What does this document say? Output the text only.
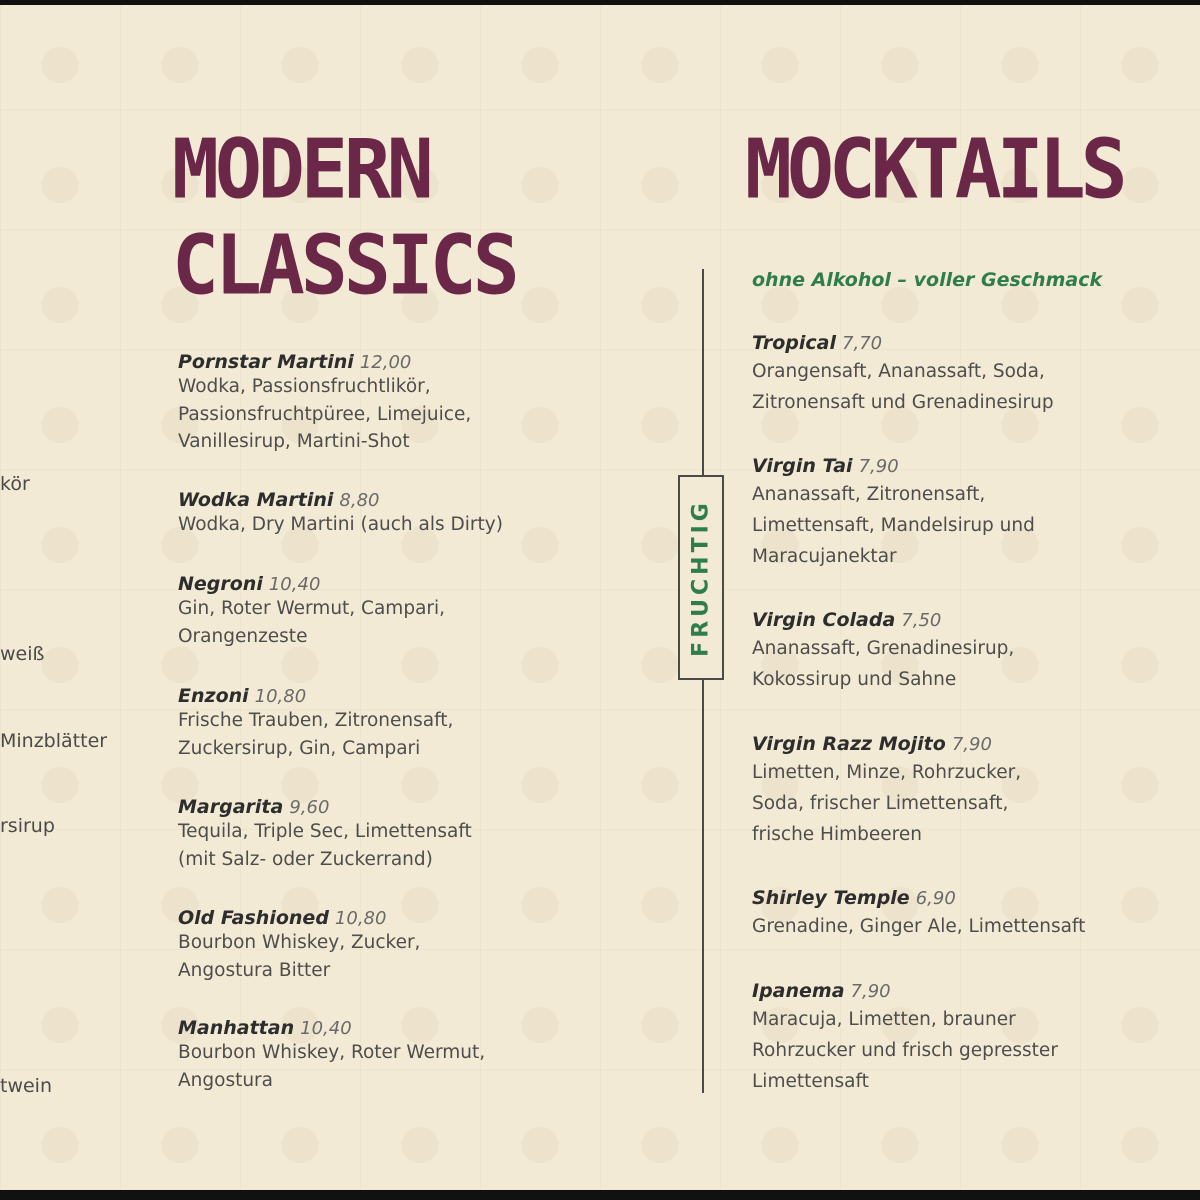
kör
weiß
Minzblätter
rsirup
twein
MODERN
CLASSICS
Pornstar Martini 12,00
Wodka, Passionsfruchtlikör,
Passionsfruchtpüree, Limejuice,
Vanillesirup, Martini-Shot
Wodka Martini 8,80
Wodka, Dry Martini (auch als Dirty)
Negroni 10,40
Gin, Roter Wermut, Campari,
Orangenzeste
Enzoni 10,80
Frische Trauben, Zitronensaft,
Zuckersirup, Gin, Campari
Margarita 9,60
Tequila, Triple Sec, Limettensaft
(mit Salz- oder Zuckerrand)
Old Fashioned 10,80
Bourbon Whiskey, Zucker,
Angostura Bitter
Manhattan 10,40
Bourbon Whiskey, Roter Wermut,
Angostura
FRUCHTIG
MOCKTAILS
ohne Alkohol – voller Geschmack
Tropical 7,70
Orangensaft, Ananassaft, Soda,
Zitronensaft und Grenadinesirup
Virgin Tai 7,90
Ananassaft, Zitronensaft,
Limettensaft, Mandelsirup und
Maracujanektar
Virgin Colada 7,50
Ananassaft, Grenadinesirup,
Kokossirup und Sahne
Virgin Razz Mojito 7,90
Limetten, Minze, Rohrzucker,
Soda, frischer Limettensaft,
frische Himbeeren
Shirley Temple 6,90
Grenadine, Ginger Ale, Limettensaft
Ipanema 7,90
Maracuja, Limetten, brauner
Rohrzucker und frisch gepresster
Limettensaft
